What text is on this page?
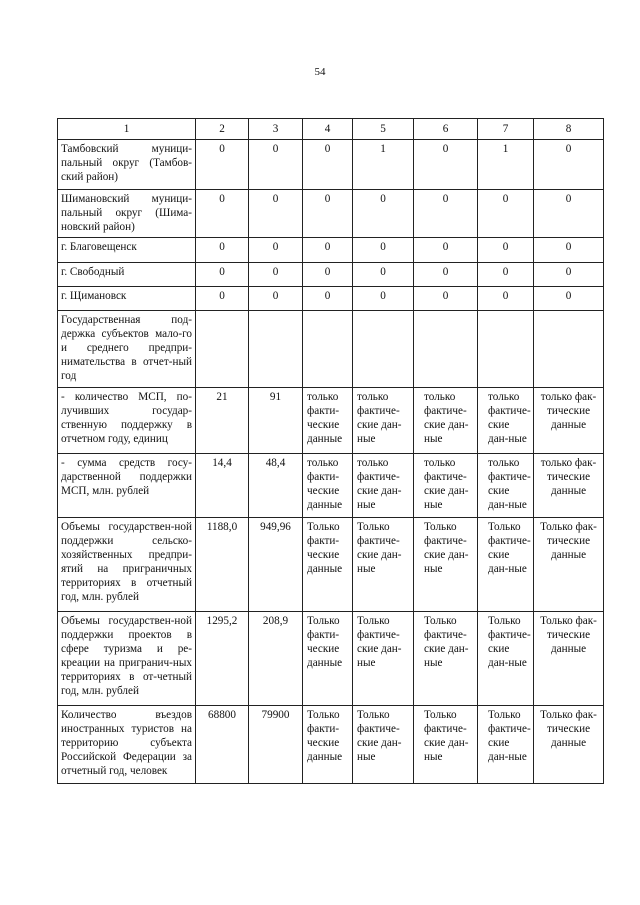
54
1	2	3	4	5	6	7	8
Тамбовский муници-пальный округ (Тамбов-ский район)	0	0	0	1	0	1	0
Шимановский муници-пальный округ (Шима-новский район)	0	0	0	0	0	0	0
г. Благовещенск	0	0	0	0	0	0	0
г. Свободный	0	0	0	0	0	0	0
г. Щимановск	0	0	0	0	0	0	0
Государственная под-держка субъектов мало-го и среднего предпри-нимательства в отчет-ный год							
- количество МСП, по-лучивших государ-ственную поддержку в отчетном году, единиц	21	91	только факти-ческие данные	только фактиче-ские дан-ные	только фактиче-ские дан-ные	только фактиче-ские дан-ные	только фак-тические данные
- сумма средств госу-дарственной поддержки МСП, млн. рублей	14,4	48,4	только факти-ческие данные	только фактиче-ские дан-ные	только фактиче-ские дан-ные	только фактиче-ские дан-ные	только фак-тические данные
Объемы государствен-ной поддержки сельско-хозяйственных предпри-ятий на приграничных территориях в отчетный год, млн. рублей	1188,0	949,96	Только факти-ческие данные	Только фактиче-ские дан-ные	Только фактиче-ские дан-ные	Только фактиче-ские дан-ные	Только фак-тические данные
Объемы государствен-ной поддержки проектов в сфере туризма и ре-креации на пригранич-ных территориях в от-четный год, млн. рублей	1295,2	208,9	Только факти-ческие данные	Только фактиче-ские дан-ные	Только фактиче-ские дан-ные	Только фактиче-ские дан-ные	Только фак-тические данные
Количество въездов иностранных туристов на территорию субъекта Российской Федерации за отчетный год, человек	68800	79900	Только факти-ческие данные	Только фактиче-ские дан-ные	Только фактиче-ские дан-ные	Только фактиче-ские дан-ные	Только фак-тические данные
